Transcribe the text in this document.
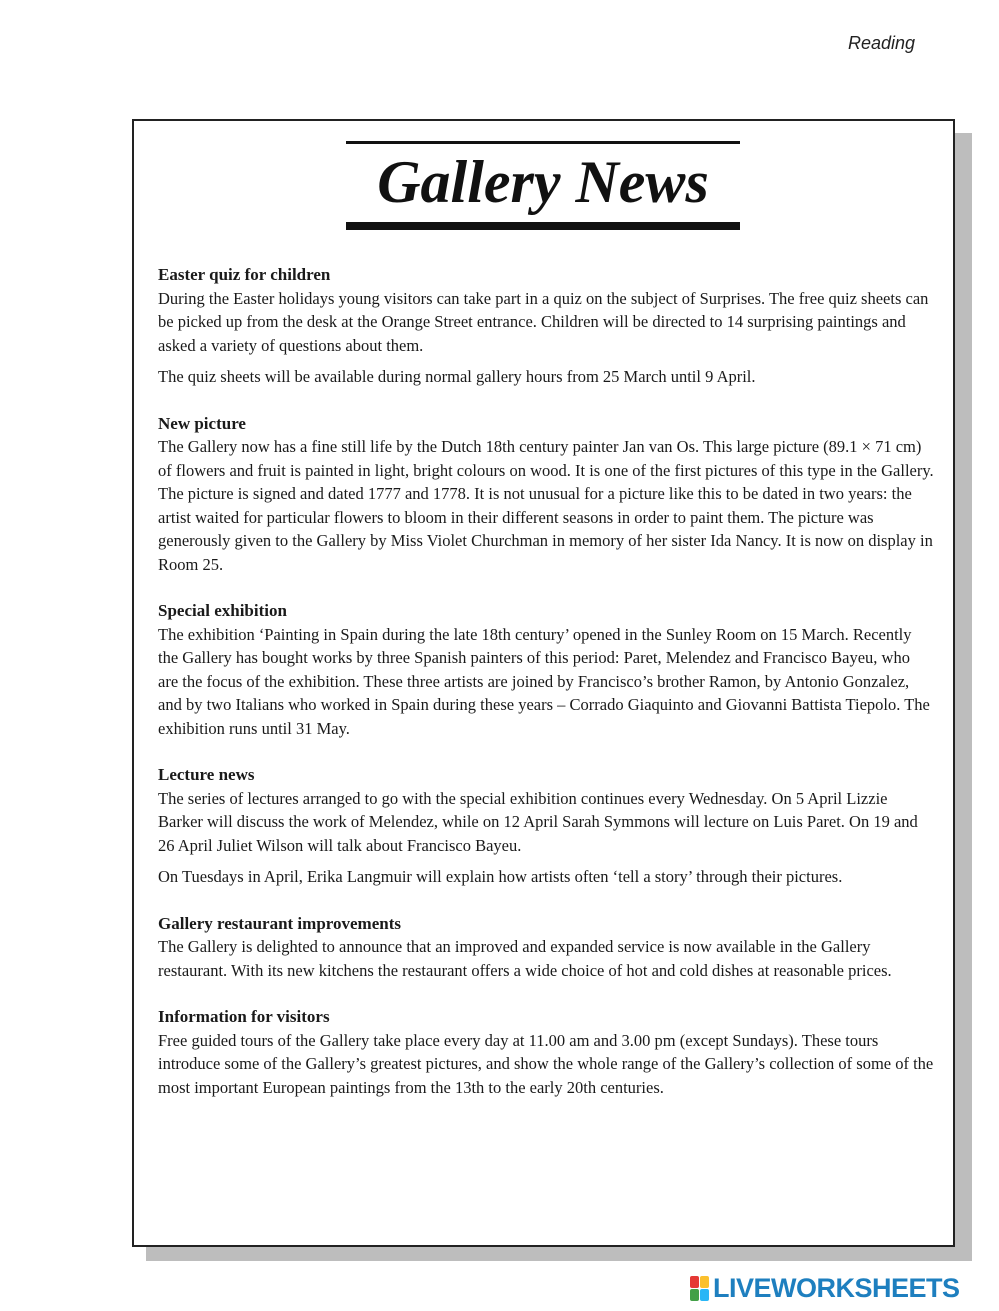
Reading
Gallery News
Easter quiz for children

During the Easter holidays young visitors can take part in a quiz on the subject of Surprises. The free quiz sheets can be picked up from the desk at the Orange Street entrance. Children will be directed to 14 surprising paintings and asked a variety of questions about them.

The quiz sheets will be available during normal gallery hours from 25 March until 9 April.

New picture

The Gallery now has a fine still life by the Dutch 18th century painter Jan van Os. This large picture (89.1 × 71 cm) of flowers and fruit is painted in light, bright colours on wood. It is one of the first pictures of this type in the Gallery. The picture is signed and dated 1777 and 1778. It is not unusual for a picture like this to be dated in two years: the artist waited for particular flowers to bloom in their different seasons in order to paint them. The picture was generously given to the Gallery by Miss Violet Churchman in memory of her sister Ida Nancy. It is now on display in Room 25.

Special exhibition

The exhibition ‘Painting in Spain during the late 18th century’ opened in the Sunley Room on 15 March. Recently the Gallery has bought works by three Spanish painters of this period: Paret, Melendez and Francisco Bayeu, who are the focus of the exhibition. These three artists are joined by Francisco’s brother Ramon, by Antonio Gonzalez, and by two Italians who worked in Spain during these years – Corrado Giaquinto and Giovanni Battista Tiepolo. The exhibition runs until 31 May.

Lecture news

The series of lectures arranged to go with the special exhibition continues every Wednesday. On 5 April Lizzie Barker will discuss the work of Melendez, while on 12 April Sarah Symmons will lecture on Luis Paret. On 19 and 26 April Juliet Wilson will talk about Francisco Bayeu.

On Tuesdays in April, Erika Langmuir will explain how artists often ‘tell a story’ through their pictures.

Gallery restaurant improvements

The Gallery is delighted to announce that an improved and expanded service is now available in the Gallery restaurant. With its new kitchens the restaurant offers a wide choice of hot and cold dishes at reasonable prices.

Information for visitors

Free guided tours of the Gallery take place every day at 11.00 am and 3.00 pm (except Sundays). These tours introduce some of the Gallery’s greatest pictures, and show the whole range of the Gallery’s collection of some of the most important European paintings from the 13th to the early 20th centuries.

LIVEWORKSHEETS
